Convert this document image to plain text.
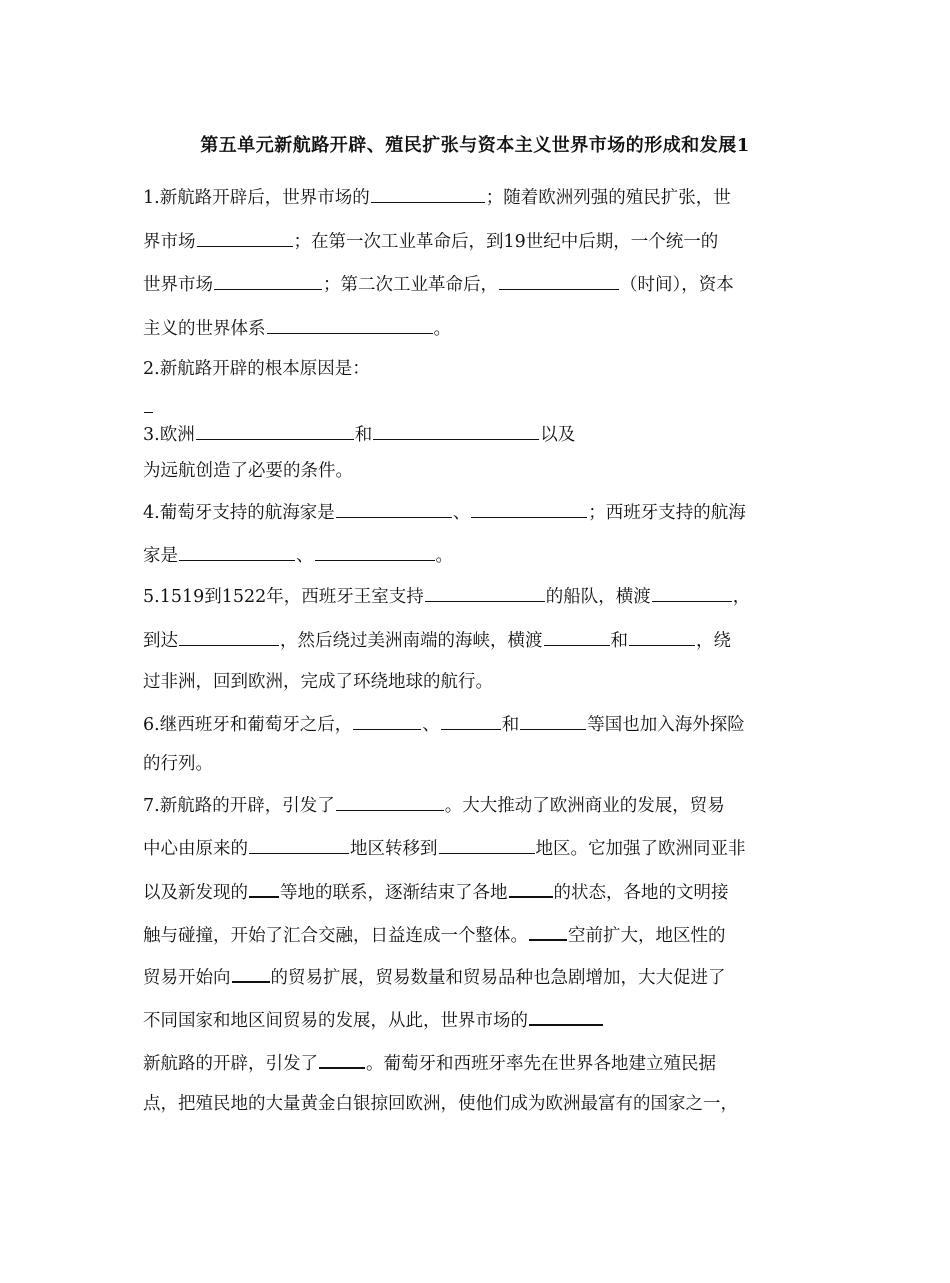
第五单元新航路开辟、殖民扩张与资本主义世界市场的形成和发展1
1.新航路开辟后，世界市场的	；随着欧洲列强的殖民扩张，世
界市场	；在第一次工业革命后，到19世纪中后期，一个统一的
世界市场	；第二次工业革命后，	（时间），资本
主义的世界体系	。
2.新航路开辟的根本原因是：
3.欧洲	和	以及
为远航创造了必要的条件。
4.葡萄牙支持的航海家是	、	；西班牙支持的航海
家是	、	。
5.1519到1522年，西班牙王室支持	的船队，横渡	，
到达	，然后绕过美洲南端的海峡，横渡	和	，绕
过非洲，回到欧洲，完成了环绕地球的航行。
6.继西班牙和葡萄牙之后，	、	和	等国也加入海外探险
的行列。
7.新航路的开辟，引发了	。大大推动了欧洲商业的发展，贸易
中心由原来的	地区转移到	地区。它加强了欧洲同亚非
以及新发现的 等地的联系，逐渐结束了各地	的状态，各地的文明接
触与碰撞，开始了汇合交融，日益连成一个整体。 空前扩大，地区性的
贸易开始向 的贸易扩展，贸易数量和贸易品种也急剧增加，大大促进了
不同国家和地区间贸易的发展，从此，世界市场的
新航路的开辟，引发了	。葡萄牙和西班牙率先在世界各地建立殖民据
点，把殖民地的大量黄金白银掠回欧洲，使他们成为欧洲最富有的国家之一，
